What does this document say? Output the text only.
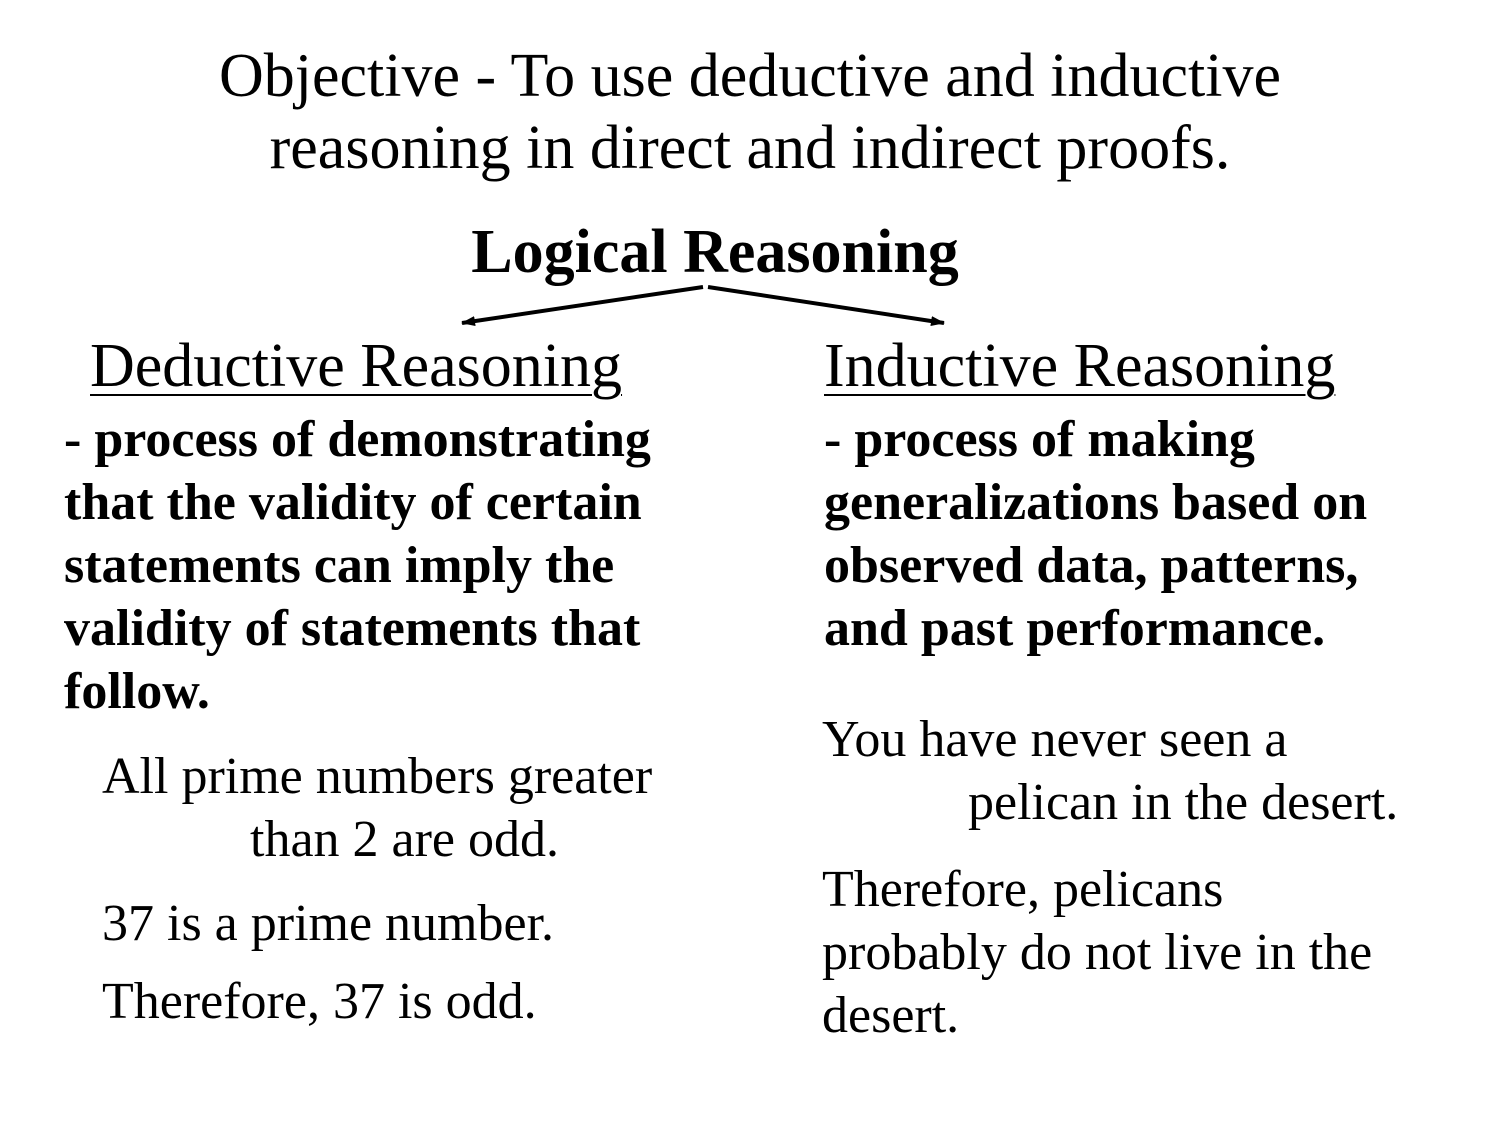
Objective - To use deductive and inductive
reasoning in direct and indirect proofs.
Logical Reasoning
Deductive Reasoning
- process of demonstrating
that the validity of certain
statements can imply the
validity of statements that
follow.
All prime numbers greater
than 2 are odd.
37 is a prime number.
Therefore, 37 is odd.
Inductive Reasoning
- process of making
generalizations based on
observed data, patterns,
and past performance.
You have never seen a
pelican in the desert.
Therefore, pelicans
probably do not live in the
desert.
